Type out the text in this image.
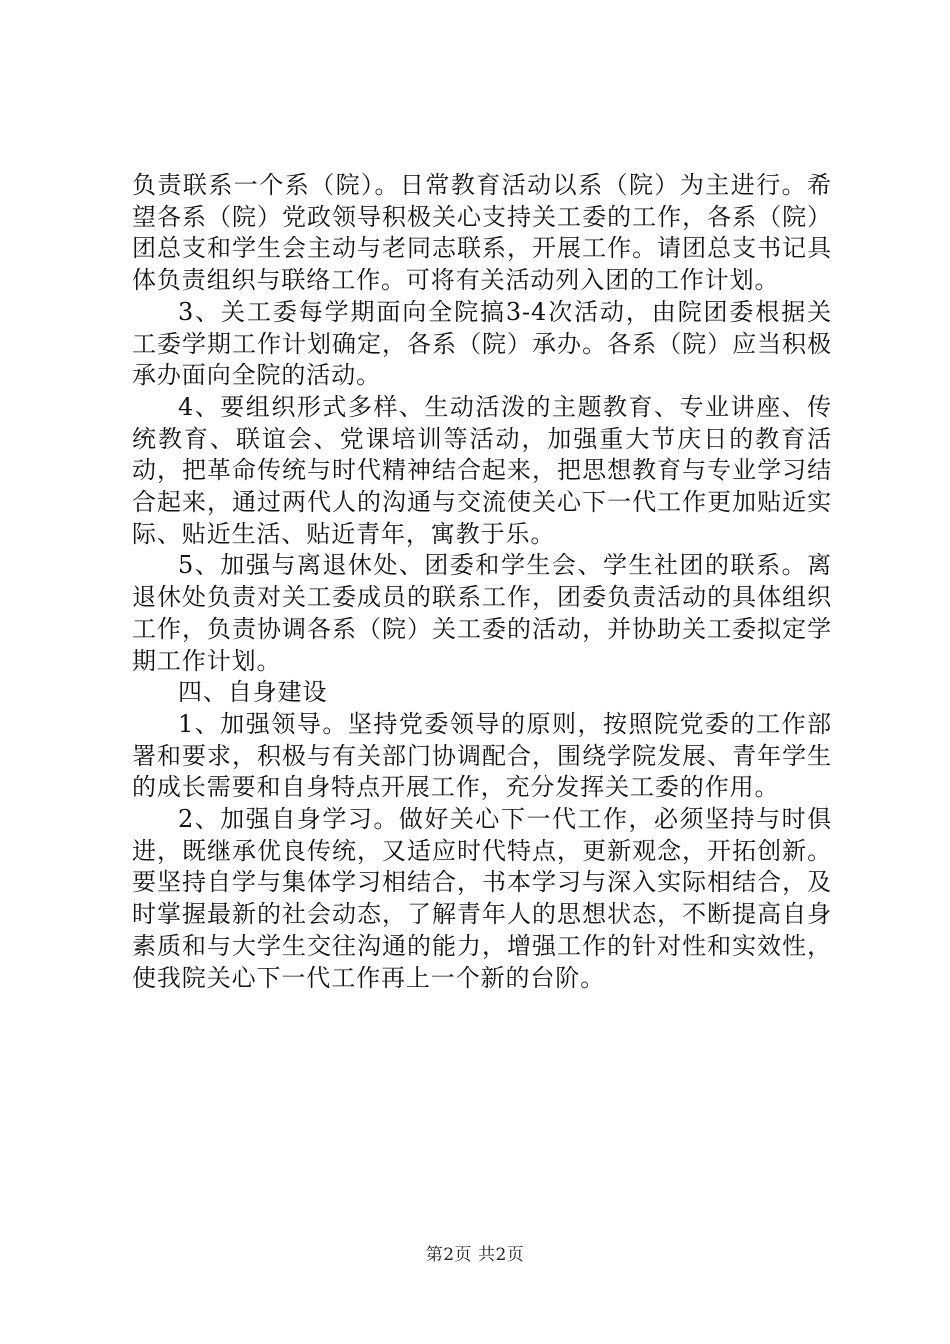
负责联系一个系（院）。日常教育活动以系（院）为主进行。希望各系（院）党政领导积极关心支持关工委的工作，各系（院）团总支和学生会主动与老同志联系，开展工作。请团总支书记具体负责组织与联络工作。可将有关活动列入团的工作计划。

3、关工委每学期面向全院搞3-4次活动，由院团委根据关工委学期工作计划确定，各系（院）承办。各系（院）应当积极承办面向全院的活动。

4、要组织形式多样、生动活泼的主题教育、专业讲座、传统教育、联谊会、党课培训等活动，加强重大节庆日的教育活动，把革命传统与时代精神结合起来，把思想教育与专业学习结合起来，通过两代人的沟通与交流使关心下一代工作更加贴近实际、贴近生活、贴近青年，寓教于乐。

5、加强与离退休处、团委和学生会、学生社团的联系。离退休处负责对关工委成员的联系工作，团委负责活动的具体组织工作，负责协调各系（院）关工委的活动，并协助关工委拟定学期工作计划。

四、自身建设

1、加强领导。坚持党委领导的原则，按照院党委的工作部署和要求，积极与有关部门协调配合，围绕学院发展、青年学生的成长需要和自身特点开展工作，充分发挥关工委的作用。

2、加强自身学习。做好关心下一代工作，必须坚持与时俱进，既继承优良传统，又适应时代特点，更新观念，开拓创新。要坚持自学与集体学习相结合，书本学习与深入实际相结合，及时掌握最新的社会动态，了解青年人的思想状态，不断提高自身素质和与大学生交往沟通的能力，增强工作的针对性和实效性，使我院关心下一代工作再上一个新的台阶。

第2页 共2页
